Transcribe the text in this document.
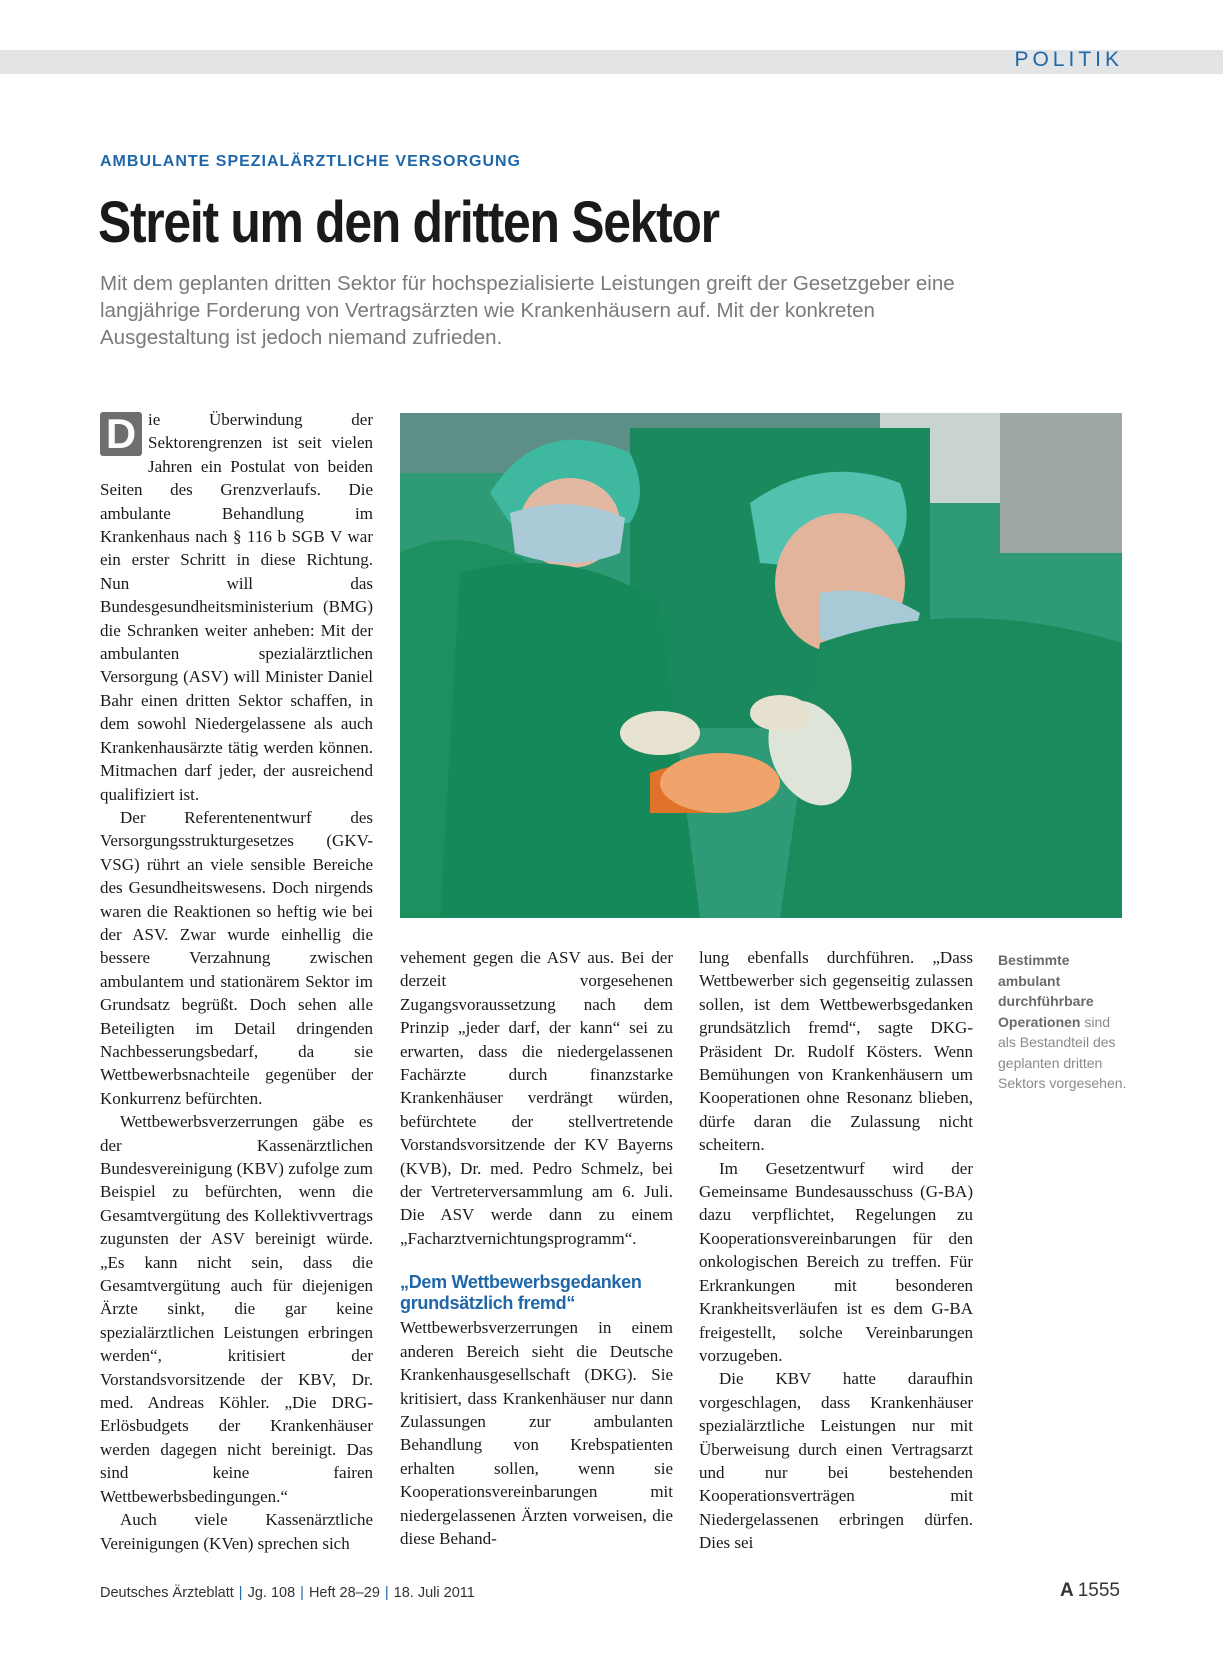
POLITIK
AMBULANTE SPEZIALÄRZTLICHE VERSORGUNG
Streit um den dritten Sektor
Mit dem geplanten dritten Sektor für hochspezialisierte Leistungen greift der Gesetzgeber eine langjährige Forderung von Vertragsärzten wie Krankenhäusern auf. Mit der konkreten Ausgestaltung ist jedoch niemand zufrieden.

D ie Überwindung der Sektorengrenzen ist seit vielen Jahren ein Postulat von beiden Seiten des Grenzverlaufs. Die ambulante Behandlung im Krankenhaus nach § 116 b SGB V war ein erster Schritt in diese Richtung. Nun will das Bundesgesundheitsministerium (BMG) die Schranken weiter anheben: Mit der ambulanten spezialärztlichen Versorgung (ASV) will Minister Daniel Bahr einen dritten Sektor schaffen, in dem sowohl Niedergelassene als auch Krankenhausärzte tätig werden können. Mitmachen darf jeder, der ausreichend qualifiziert ist.

Der Referentenentwurf des Versorgungsstrukturgesetzes (GKV-VSG) rührt an viele sensible Bereiche des Gesundheitswesens. Doch nirgends waren die Reaktionen so heftig wie bei der ASV. Zwar wurde einhellig die bessere Verzahnung zwischen ambulantem und stationärem Sektor im Grundsatz begrüßt. Doch sehen alle Beteiligten im Detail dringenden Nachbesserungsbedarf, da sie Wettbewerbsnachteile gegenüber der Konkurrenz befürchten.

Wettbewerbsverzerrungen gäbe es der Kassenärztlichen Bundesvereinigung (KBV) zufolge zum Beispiel zu befürchten, wenn die Gesamtvergütung des Kollektivvertrags zugunsten der ASV bereinigt würde. „Es kann nicht sein, dass die Gesamtvergütung auch für diejenigen Ärzte sinkt, die gar keine spezialärztlichen Leistungen erbringen werden“, kritisiert der Vorstandsvorsitzende der KBV, Dr. med. Andreas Köhler. „Die DRG-Erlösbudgets der Krankenhäuser werden dagegen nicht bereinigt. Das sind keine fairen Wettbewerbsbedingungen.“

Auch viele Kassenärztliche Vereinigungen (KVen) sprechen sich

vehement gegen die ASV aus. Bei der derzeit vorgesehenen Zugangsvoraussetzung nach dem Prinzip „jeder darf, der kann“ sei zu erwarten, dass die niedergelassenen Fachärzte durch finanzstarke Krankenhäuser verdrängt würden, befürchtete der stellvertretende Vorstandsvorsitzende der KV Bayerns (KVB), Dr. med. Pedro Schmelz, bei der Vertreterversammlung am 6. Juli. Die ASV werde dann zu einem „Facharztvernichtungsprogramm“.

„Dem Wettbewerbsgedanken grundsätzlich fremd“

Wettbewerbsverzerrungen in einem anderen Bereich sieht die Deutsche Krankenhausgesellschaft (DKG). Sie kritisiert, dass Krankenhäuser nur dann Zulassungen zur ambulanten Behandlung von Krebspatienten erhalten sollen, wenn sie Kooperationsvereinbarungen mit niedergelassenen Ärzten vorweisen, die diese Behand-

lung ebenfalls durchführen. „Dass Wettbewerber sich gegenseitig zulassen sollen, ist dem Wettbewerbsgedanken grundsätzlich fremd“, sagte DKG-Präsident Dr. Rudolf Kösters. Wenn Bemühungen von Krankenhäusern um Kooperationen ohne Resonanz blieben, dürfe daran die Zulassung nicht scheitern.

Im Gesetzentwurf wird der Gemeinsame Bundesausschuss (G-BA) dazu verpflichtet, Regelungen zu Kooperationsvereinbarungen für den onkologischen Bereich zu treffen. Für Erkrankungen mit besonderen Krankheitsverläufen ist es dem G-BA freigestellt, solche Vereinbarungen vorzugeben.

Die KBV hatte daraufhin vorgeschlagen, dass Krankenhäuser spezialärztliche Leistungen nur mit Überweisung durch einen Vertragsarzt und nur bei bestehenden Kooperationsverträgen mit Niedergelassenen erbringen dürfen. Dies sei

Bestimmte ambulant durchführbare Operationen sind als Bestandteil des geplanten dritten Sektors vorgesehen.
Deutsches Ärzteblatt | Jg. 108 | Heft 28–29 | 18. Juli 2011	A 1555
